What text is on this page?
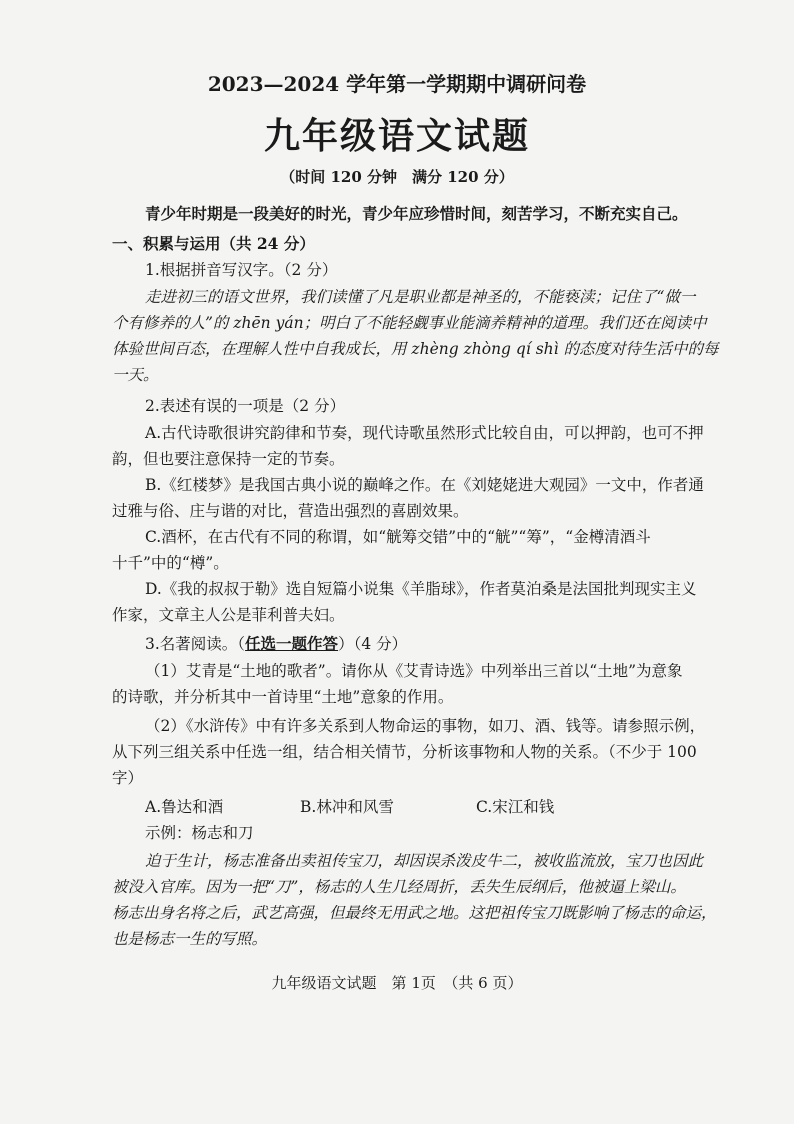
2023—2024 学年第一学期期中调研问卷
九年级语文试题
（时间 120 分钟　满分 120 分）
青少年时期是一段美好的时光，青少年应珍惜时间，刻苦学习，不断充实自己。
一、积累与运用（共 24 分）
1.根据拼音写汉字。（2 分）
走进初三的语文世界，我们读懂了凡是职业都是神圣的，不能亵渎；记住了“做一
个有修养的人”的 zhēn yán；明白了不能轻觑事业能滴养精神的道理。我们还在阅读中
体验世间百态，在理解人性中自我成长，用 zhèng zhòng qí shì 的态度对待生活中的每
一天。
2.表述有误的一项是（2 分）
A.古代诗歌很讲究韵律和节奏，现代诗歌虽然形式比较自由，可以押韵，也可不押
韵，但也要注意保持一定的节奏。
B.《红楼梦》是我国古典小说的巅峰之作。在《刘姥姥进大观园》一文中，作者通
过雅与俗、庄与谐的对比，营造出强烈的喜剧效果。
C.酒杯，在古代有不同的称谓，如“觥筹交错”中的“觥”“筹”，“金樽清酒斗
十千”中的“樽”。
D.《我的叔叔于勒》选自短篇小说集《羊脂球》，作者莫泊桑是法国批判现实主义
作家，文章主人公是菲利普夫妇。
3.名著阅读。（任选一题作答）（4 分）
（1）艾青是“土地的歌者”。请你从《艾青诗选》中列举出三首以“土地”为意象
的诗歌，并分析其中一首诗里“土地”意象的作用。
（2）《水浒传》中有许多关系到人物命运的事物，如刀、酒、钱等。请参照示例，
从下列三组关系中任选一组，结合相关情节，分析该事物和人物的关系。（不少于 100
字）
A.鲁达和酒	B.林冲和风雪	C.宋江和钱
示例：杨志和刀
迫于生计，杨志准备出卖祖传宝刀，却因误杀泼皮牛二，被收监流放，宝刀也因此
被没入官库。因为一把“刀”，杨志的人生几经周折，丢失生辰纲后，他被逼上梁山。
杨志出身名将之后，武艺高强，但最终无用武之地。这把祖传宝刀既影响了杨志的命运，
也是杨志一生的写照。
九年级语文试题　第 1页　（共 6 页）
